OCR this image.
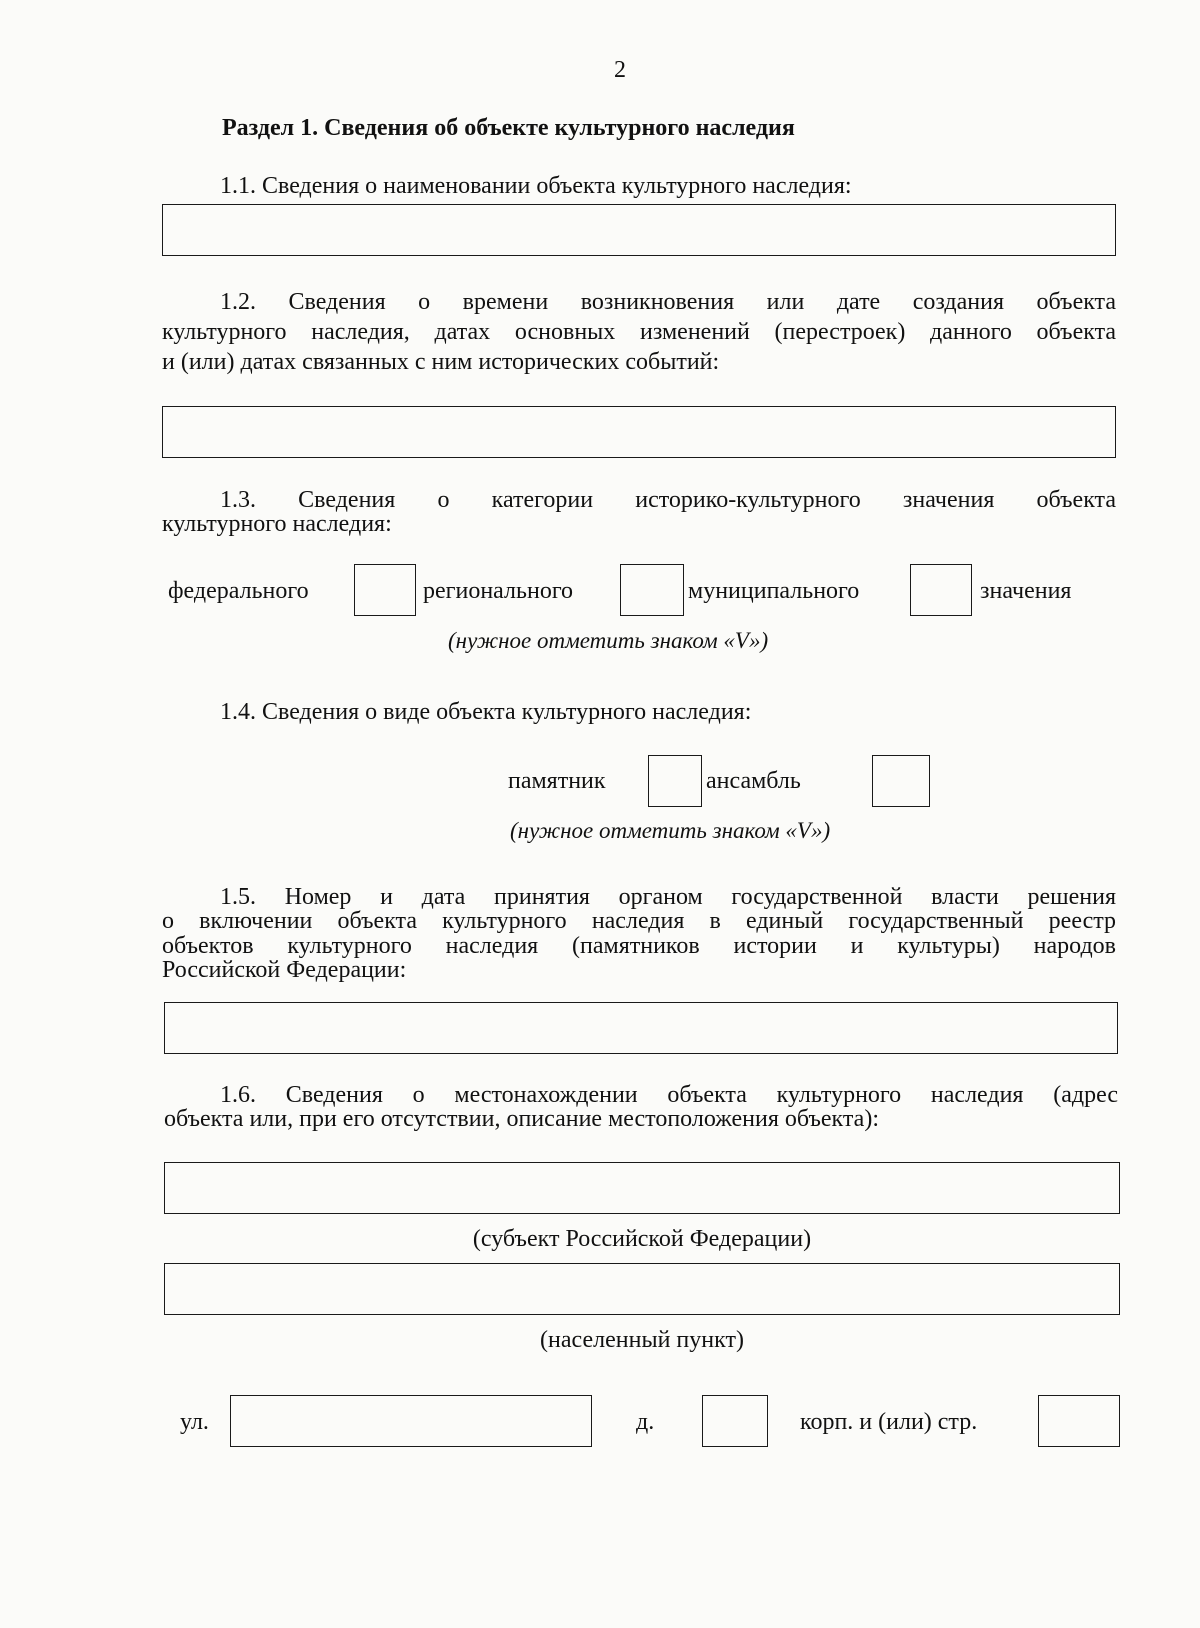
2
Раздел 1. Сведения об объекте культурного наследия
1.1. Сведения о наименовании объекта культурного наследия:
1.2. Сведения о времени возникновения или дате создания объекта
культурного наследия, датах основных изменений (перестроек) данного объекта
и (или) датах связанных с ним исторических событий:
1.3. Сведения о категории историко-культурного значения объекта
культурного наследия:
федерального	регионального	муниципального	значения
(нужное отметить знаком «V»)
1.4. Сведения о виде объекта культурного наследия:
памятник	ансамбль
(нужное отметить знаком «V»)
1.5. Номер и дата принятия органом государственной власти решения
о включении объекта культурного наследия в единый государственный реестр
объектов культурного наследия (памятников истории и культуры) народов
Российской Федерации:
1.6. Сведения о местонахождении объекта культурного наследия (адрес
объекта или, при его отсутствии, описание местоположения объекта):
(субъект Российской Федерации)
(населенный пункт)
ул.	д.	корп. и (или) стр.
